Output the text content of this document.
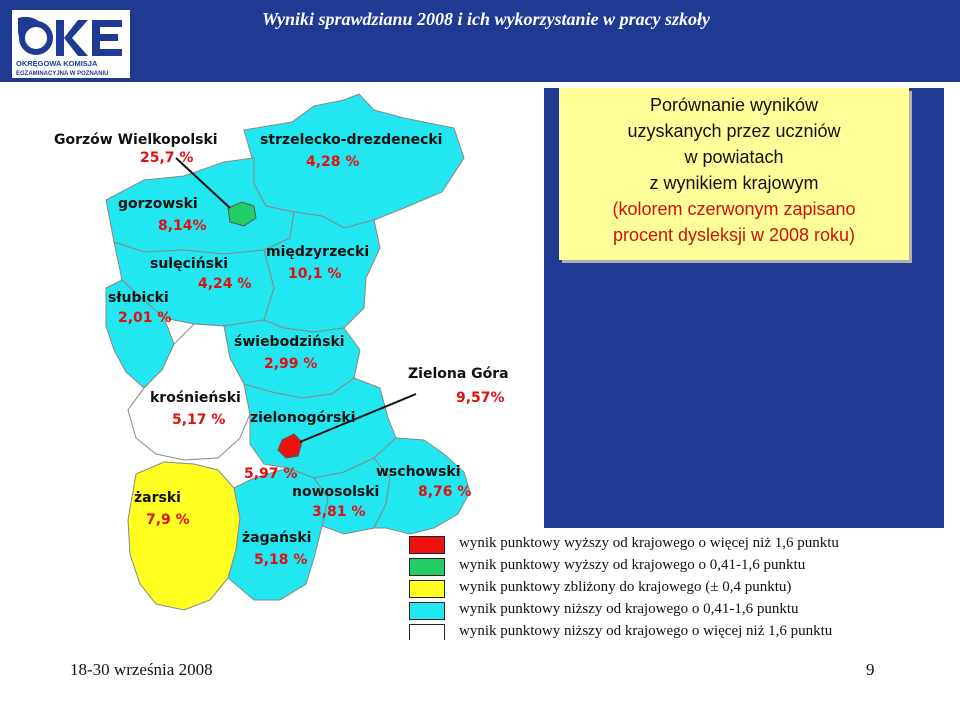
OKRĘGOWA KOMISJA
EGZAMINACYJNA W POZNANIU
Wyniki sprawdzianu 2008 i ich wykorzystanie w pracy szkoły
Gorzów Wielkopolski
25,7 %
strzelecko-drezdenecki
4,28 %
gorzowski
8,14%
międzyrzecki
10,1 %
sulęciński
4,24 %
słubicki
2,01 %
świebodziński
2,99 %
Zielona Góra
9,57%
krośnieński
5,17 % zielonogórski
5,97 %	wschowski
8,76 %
nowosolski
3,81 %
żarski
7,9 %
żagański
5,18 %
Porównanie wyników
uzyskanych przez uczniów
w powiatach
z wynikiem krajowym
(kolorem czerwonym zapisano
procent dysleksji w 2008 roku)
wynik punktowy wyższy od krajowego o więcej niż 1,6 punktu
wynik punktowy wyższy od krajowego o 0,41-1,6 punktu
wynik punktowy zbliżony do krajowego (± 0,4 punktu)
wynik punktowy niższy od krajowego o 0,41-1,6 punktu
wynik punktowy niższy od krajowego o więcej niż 1,6 punktu
18-30 września 2008	9
